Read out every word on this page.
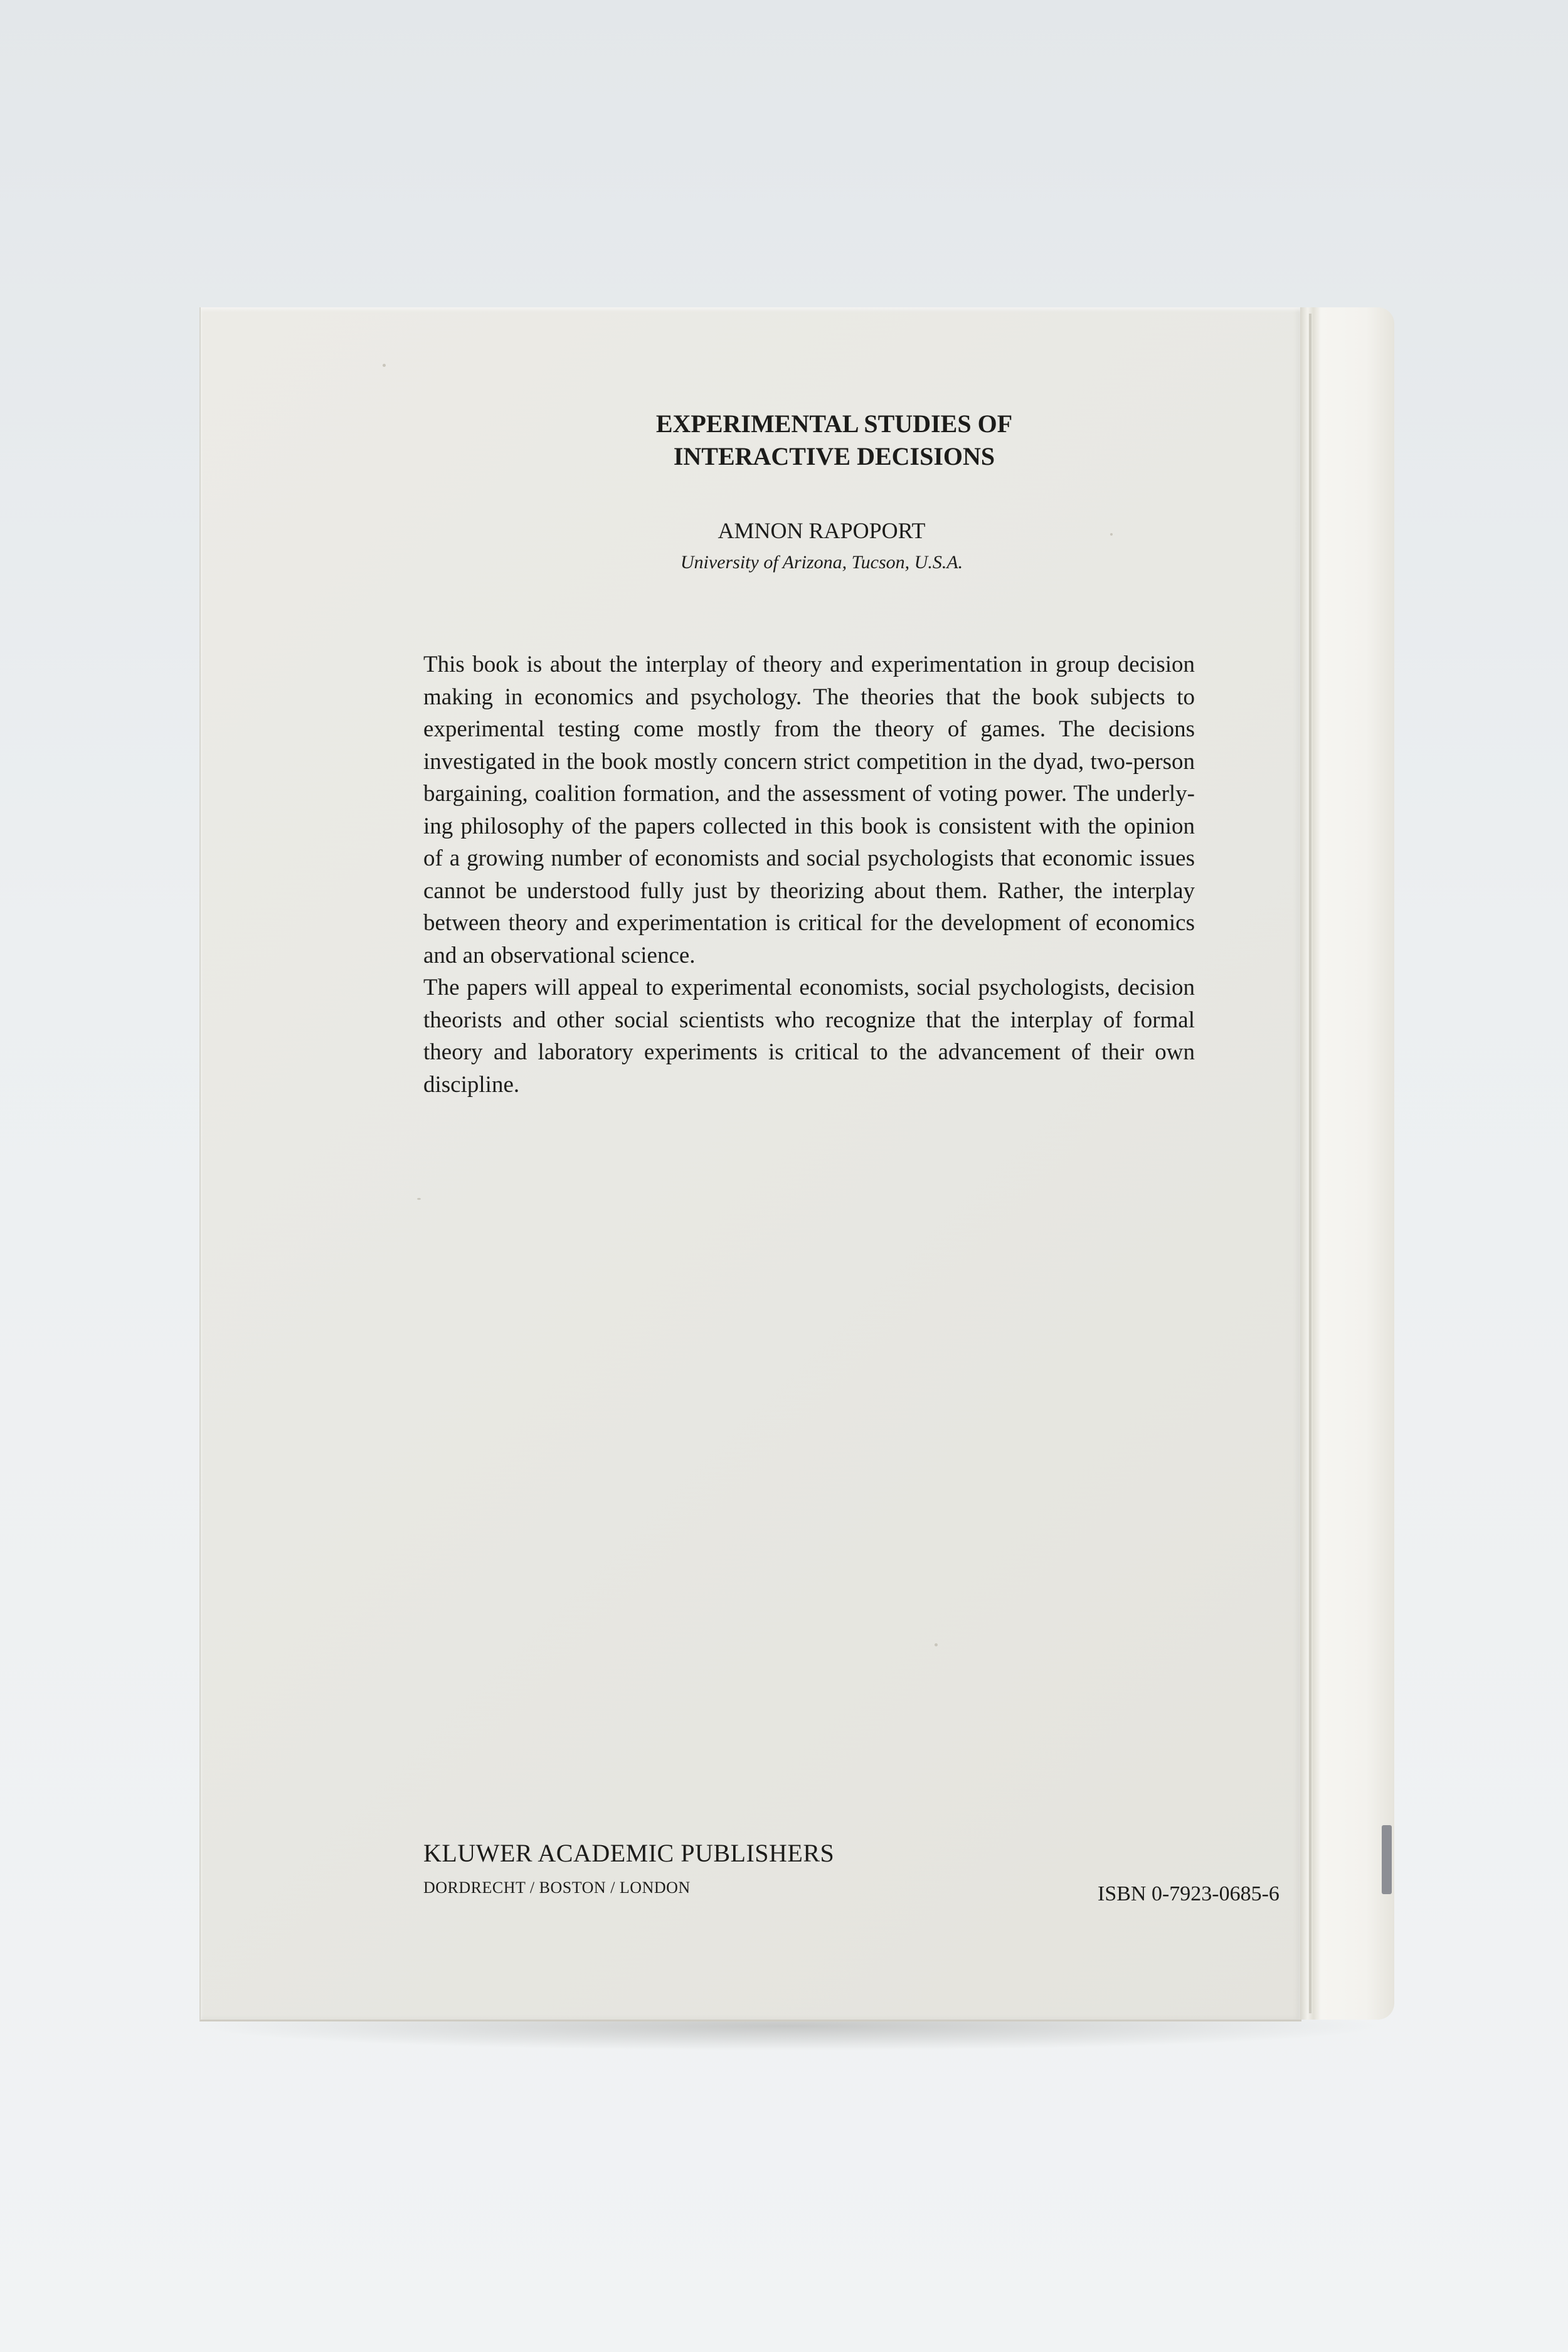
EXPERIMENTAL STUDIES OF
INTERACTIVE DECISIONS
AMNON RAPOPORT
University of Arizona, Tucson, U.S.A.

This book is about the interplay of theory and experimentation in group decision making in economics and psychology. The theories that the book subjects to experimental testing come mostly from the theory of games. The decisions investigated in the book mostly concern strict competition in the dyad, two-person bargaining, coalition formation, and the assessment of voting power. The underlying philosophy of the papers collected in this book is consistent with the opinion of a growing number of economists and social psychologists that economic issues cannot be understood fully just by theorizing about them. Rather, the interplay between theory and experimentation is critical for the development of economics and an observational science.

The papers will appeal to experimental economists, social psychologists, decision theorists and other social scientists who recognize that the interplay of formal theory and laboratory experiments is critical to the advancement of their own discipline.

KLUWER ACADEMIC PUBLISHERS
DORDRECHT / BOSTON / LONDON	ISBN 0-7923-0685-6
